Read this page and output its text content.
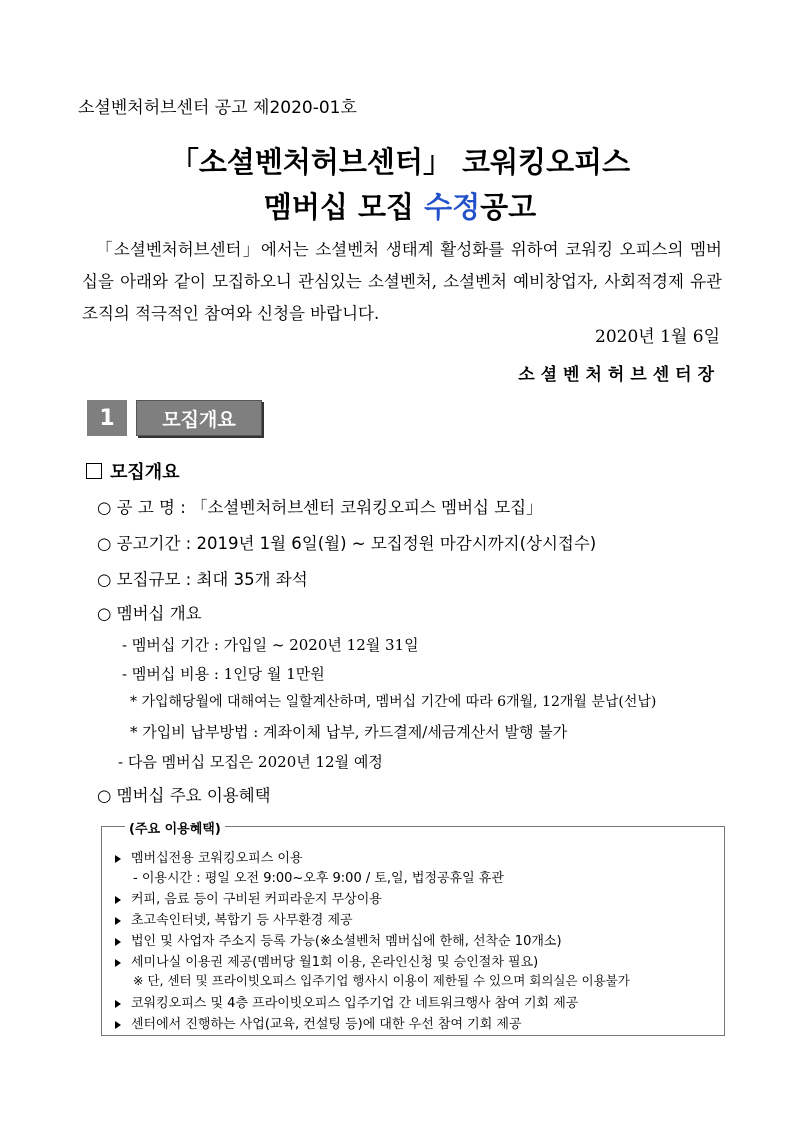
소셜벤처허브센터 공고 제2020-01호
「소셜벤처허브센터」 코워킹오피스
멤버십 모집 수정공고
「소셜벤처허브센터」에서는 소셜벤처 생태계 활성화를 위하여 코워킹 오피스의 멤버십을 아래와 같이 모집하오니 관심있는 소셜벤처, 소셜벤처 예비창업자, 사회적경제 유관조직의 적극적인 참여와 신청을 바랍니다.
2020년 1월 6일
소셜벤처허브센터장
1	모집개요
모집개요
○ 공 고 명 : 「소셜벤처허브센터 코워킹오피스 멤버십 모집」
○ 공고기간 : 2019년 1월 6일(월) ~ 모집정원 마감시까지(상시접수)
○ 모집규모 : 최대 35개 좌석
○ 멤버십 개요
- 멤버십 기간 : 가입일 ~ 2020년 12월 31일
- 멤버십 비용 : 1인당 월 1만원
* 가입해당월에 대해여는 일할계산하며, 멤버십 기간에 따라 6개월, 12개월 분납(선납)
* 가입비 납부방법 : 계좌이체 납부, 카드결제/세금계산서 발행 불가
- 다음 멤버십 모집은 2020년 12월 예정
○ 멤버십 주요 이용혜택
(주요 이용혜택)
멤버십전용 코워킹오피스 이용
- 이용시간 : 평일 오전 9:00~오후 9:00 / 토,일, 법정공휴일 휴관
커피, 음료 등이 구비된 커피라운지 무상이용
초고속인터넷, 복합기 등 사무환경 제공
법인 및 사업자 주소지 등록 가능(※소셜벤처 멤버십에 한해, 선착순 10개소)
세미나실 이용권 제공(멤버당 월1회 이용, 온라인신청 및 승인절차 필요)
※ 단, 센터 및 프라이빗오피스 입주기업 행사시 이용이 제한될 수 있으며 회의실은 이용불가
코워킹오피스 및 4층 프라이빗오피스 입주기업 간 네트워크행사 참여 기회 제공
센터에서 진행하는 사업(교육, 컨설팅 등)에 대한 우선 참여 기회 제공
